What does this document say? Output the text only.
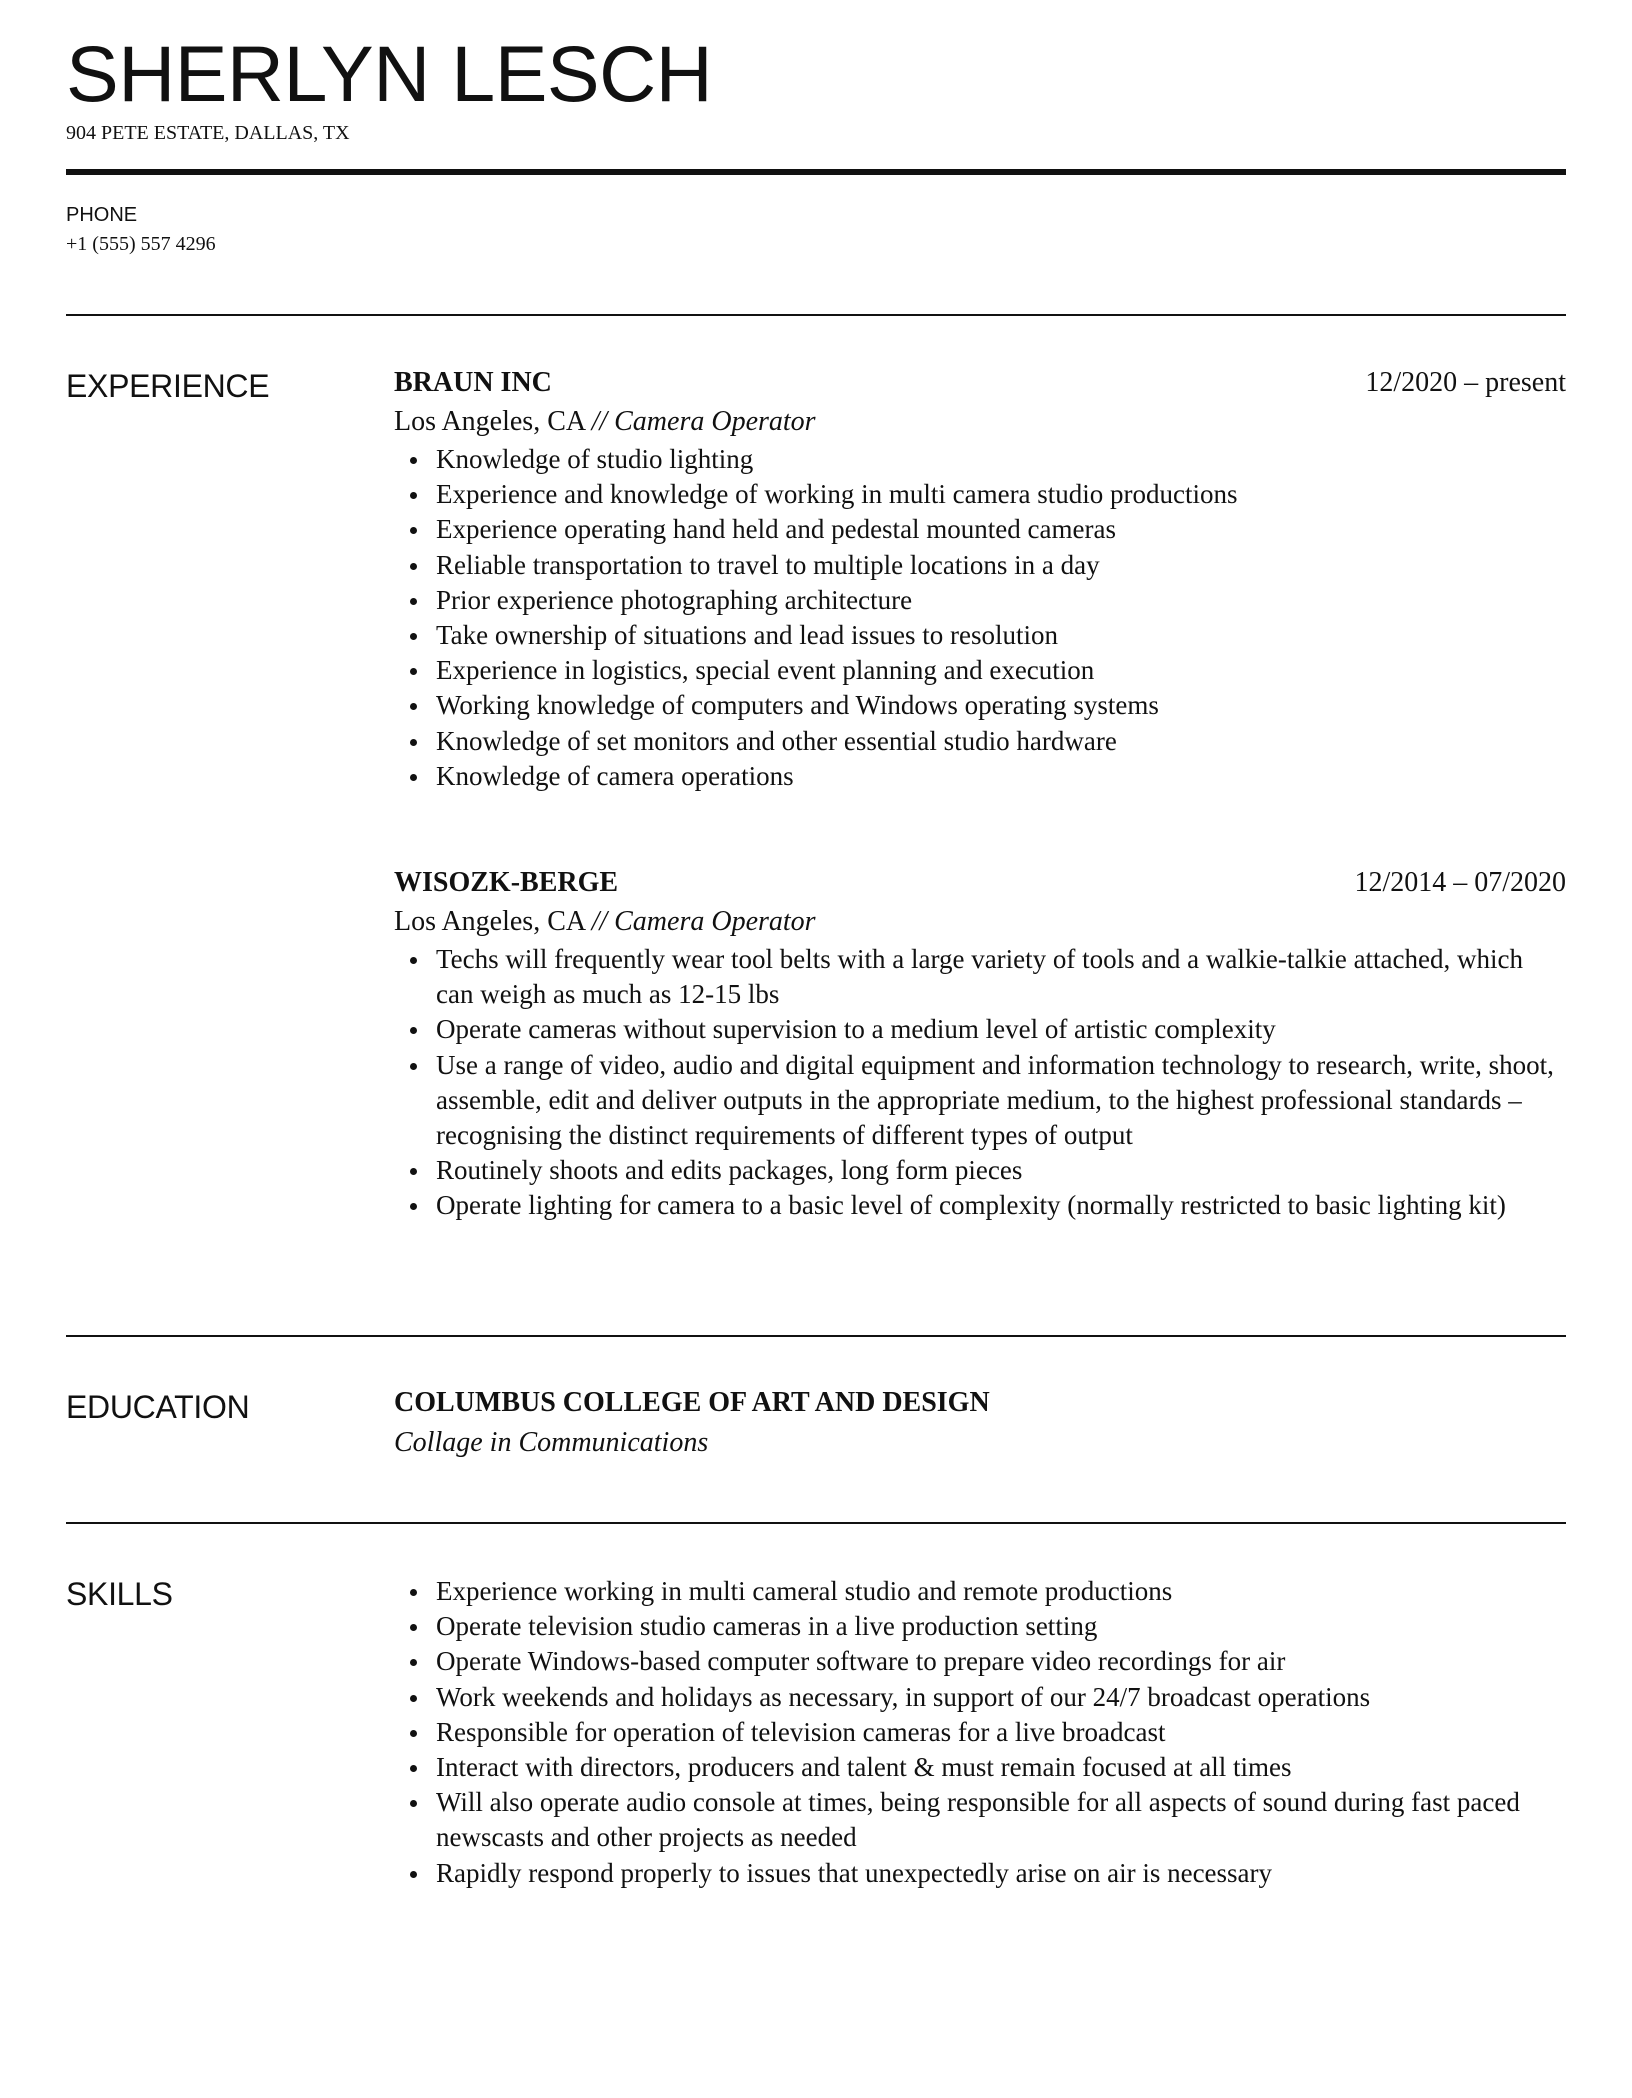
SHERLYN LESCH
904 PETE ESTATE, DALLAS, TX
PHONE
+1 (555) 557 4296
EXPERIENCE	BRAUN INC	12/2020 – present
Los Angeles, CA // Camera Operator
Knowledge of studio lighting
Experience and knowledge of working in multi camera studio productions
Experience operating hand held and pedestal mounted cameras
Reliable transportation to travel to multiple locations in a day
Prior experience photographing architecture
Take ownership of situations and lead issues to resolution
Experience in logistics, special event planning and execution
Working knowledge of computers and Windows operating systems
Knowledge of set monitors and other essential studio hardware
Knowledge of camera operations
WISOZK-BERGE	12/2014 – 07/2020
Los Angeles, CA // Camera Operator
Techs will frequently wear tool belts with a large variety of tools and a walkie-talkie attached, which can weigh as much as 12-15 lbs
Operate cameras without supervision to a medium level of artistic complexity
Use a range of video, audio and digital equipment and information technology to research, write, shoot, assemble, edit and deliver outputs in the appropriate medium, to the highest professional standards – recognising the distinct requirements of different types of output
Routinely shoots and edits packages, long form pieces
Operate lighting for camera to a basic level of complexity (normally restricted to basic lighting kit)
EDUCATION	COLUMBUS COLLEGE OF ART AND DESIGN
Collage in Communications
SKILLS	Experience working in multi cameral studio and remote productions
Operate television studio cameras in a live production setting
Operate Windows-based computer software to prepare video recordings for air
Work weekends and holidays as necessary, in support of our 24/7 broadcast operations
Responsible for operation of television cameras for a live broadcast
Interact with directors, producers and talent & must remain focused at all times
Will also operate audio console at times, being responsible for all aspects of sound during fast paced newscasts and other projects as needed
Rapidly respond properly to issues that unexpectedly arise on air is necessary
